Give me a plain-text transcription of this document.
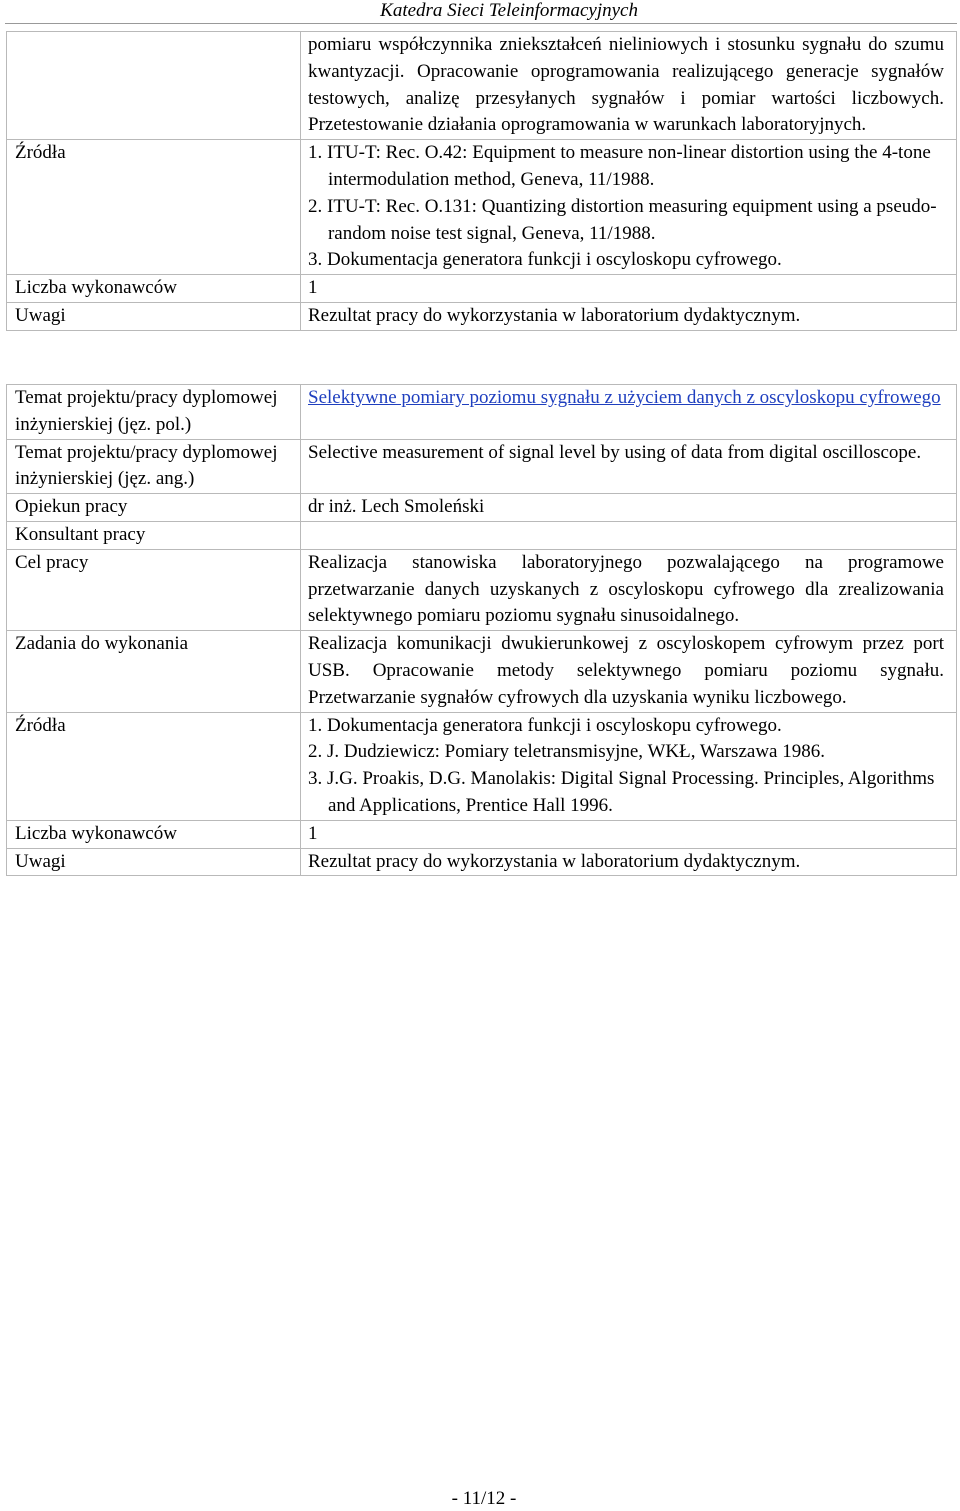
Katedra Sieci Teleinformacyjnych
	pomiaru współczynnika zniekształceń nieliniowych i stosunku sygnału do szumu kwantyzacji. Opracowanie oprogramowania realizującego generacje sygnałów testowych, analizę przesyłanych sygnałów i pomiar wartości liczbowych. Przetestowanie działania oprogramowania w warunkach laboratoryjnych.
Źródła	1. ITU-T: Rec. O.42: Equipment to measure non-linear distortion using the 4-tone intermodulation method, Geneva, 11/1988.
2. ITU-T: Rec. O.131: Quantizing distortion measuring equipment using a pseudo-random noise test signal, Geneva, 11/1988.
3. Dokumentacja generatora funkcji i oscyloskopu cyfrowego.

Liczba wykonawców	1
Uwagi	Rezultat pracy do wykorzystania w laboratorium dydaktycznym.
Temat projektu/pracy dyplomowej inżynierskiej (jęz. pol.)	Selektywne pomiary poziomu sygnału z użyciem danych z oscyloskopu cyfrowego
Temat projektu/pracy dyplomowej inżynierskiej (jęz. ang.)	Selective measurement of signal level by using of data from digital oscilloscope.
Opiekun pracy	dr inż. Lech Smoleński
Konsultant pracy	
Cel pracy	Realizacja stanowiska laboratoryjnego pozwalającego na programowe przetwarzanie danych uzyskanych z oscyloskopu cyfrowego dla zrealizowania selektywnego pomiaru poziomu sygnału sinusoidalnego.
Zadania do wykonania	Realizacja komunikacji dwukierunkowej z oscyloskopem cyfrowym przez port USB. Opracowanie metody selektywnego pomiaru poziomu sygnału. Przetwarzanie sygnałów cyfrowych dla uzyskania wyniku liczbowego.
Źródła	1. Dokumentacja generatora funkcji i oscyloskopu cyfrowego.
2. J. Dudziewicz: Pomiary teletransmisyjne, WKŁ, Warszawa 1986.
3. J.G. Proakis, D.G. Manolakis: Digital Signal Processing. Principles, Algorithms and Applications, Prentice Hall 1996.

Liczba wykonawców	1
Uwagi	Rezultat pracy do wykorzystania w laboratorium dydaktycznym.
- 11/12 -
